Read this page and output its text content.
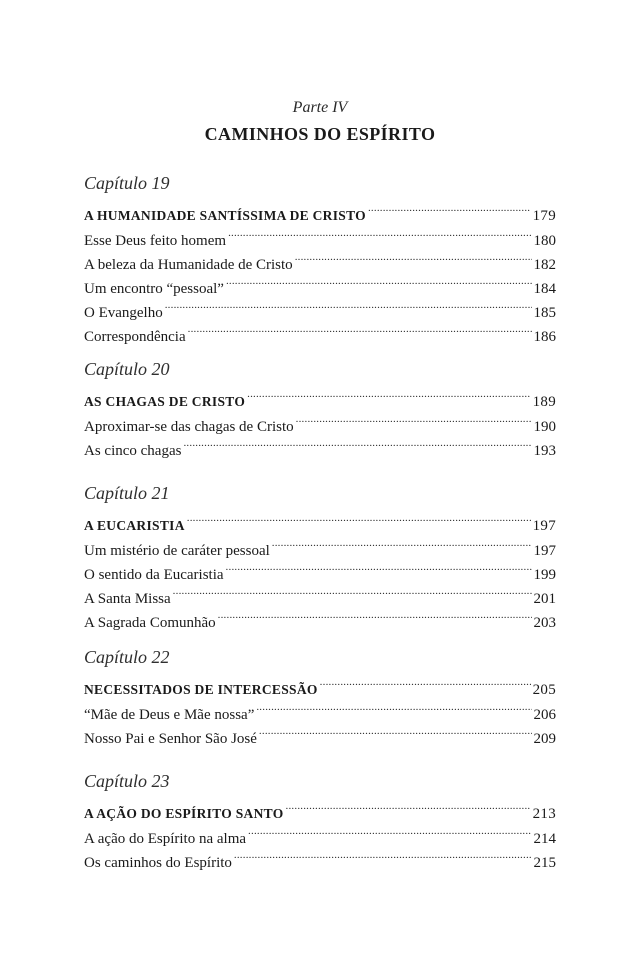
Parte IV
CAMINHOS DO ESPÍRITO
Capítulo 19
A HUMANIDADE SANTÍSSIMA DE CRISTO .....	179
Esse Deus feito homem .....	180
A beleza da Humanidade de Cristo .....	182
Um encontro “pessoal” .....	184
O Evangelho .....	185
Correspondência .....	186
Capítulo 20
AS CHAGAS DE CRISTO .....	189
Aproximar-se das chagas de Cristo .....	190
As cinco chagas .....	193
Capítulo 21
A EUCARISTIA .....	197
Um mistério de caráter pessoal .....	197
O sentido da Eucaristia .....	199
A Santa Missa .....	201
A Sagrada Comunhão .....	203
Capítulo 22
NECESSITADOS DE INTERCESSÃO .....	205
“Mãe de Deus e Mãe nossa” .....	206
Nosso Pai e Senhor São José .....	209
Capítulo 23
A AÇÃO DO ESPÍRITO SANTO .....	213
A ação do Espírito na alma .....	214
Os caminhos do Espírito .....	215
